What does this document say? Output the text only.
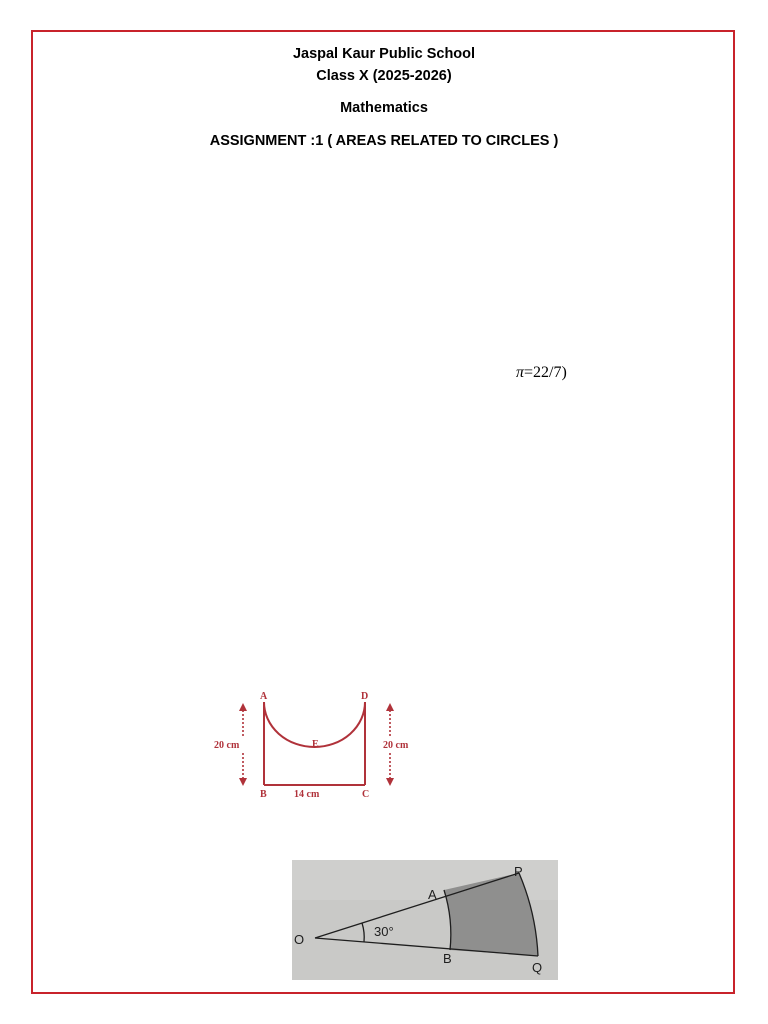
Jaspal Kaur Public School
Class X (2025-2026)
Mathematics
ASSIGNMENT :1 ( AREAS RELATED TO CIRCLES )
π=22/7)
A	D
B	C
E
20 cm	20 cm
14 cm
O
A
B
P
Q
30°
